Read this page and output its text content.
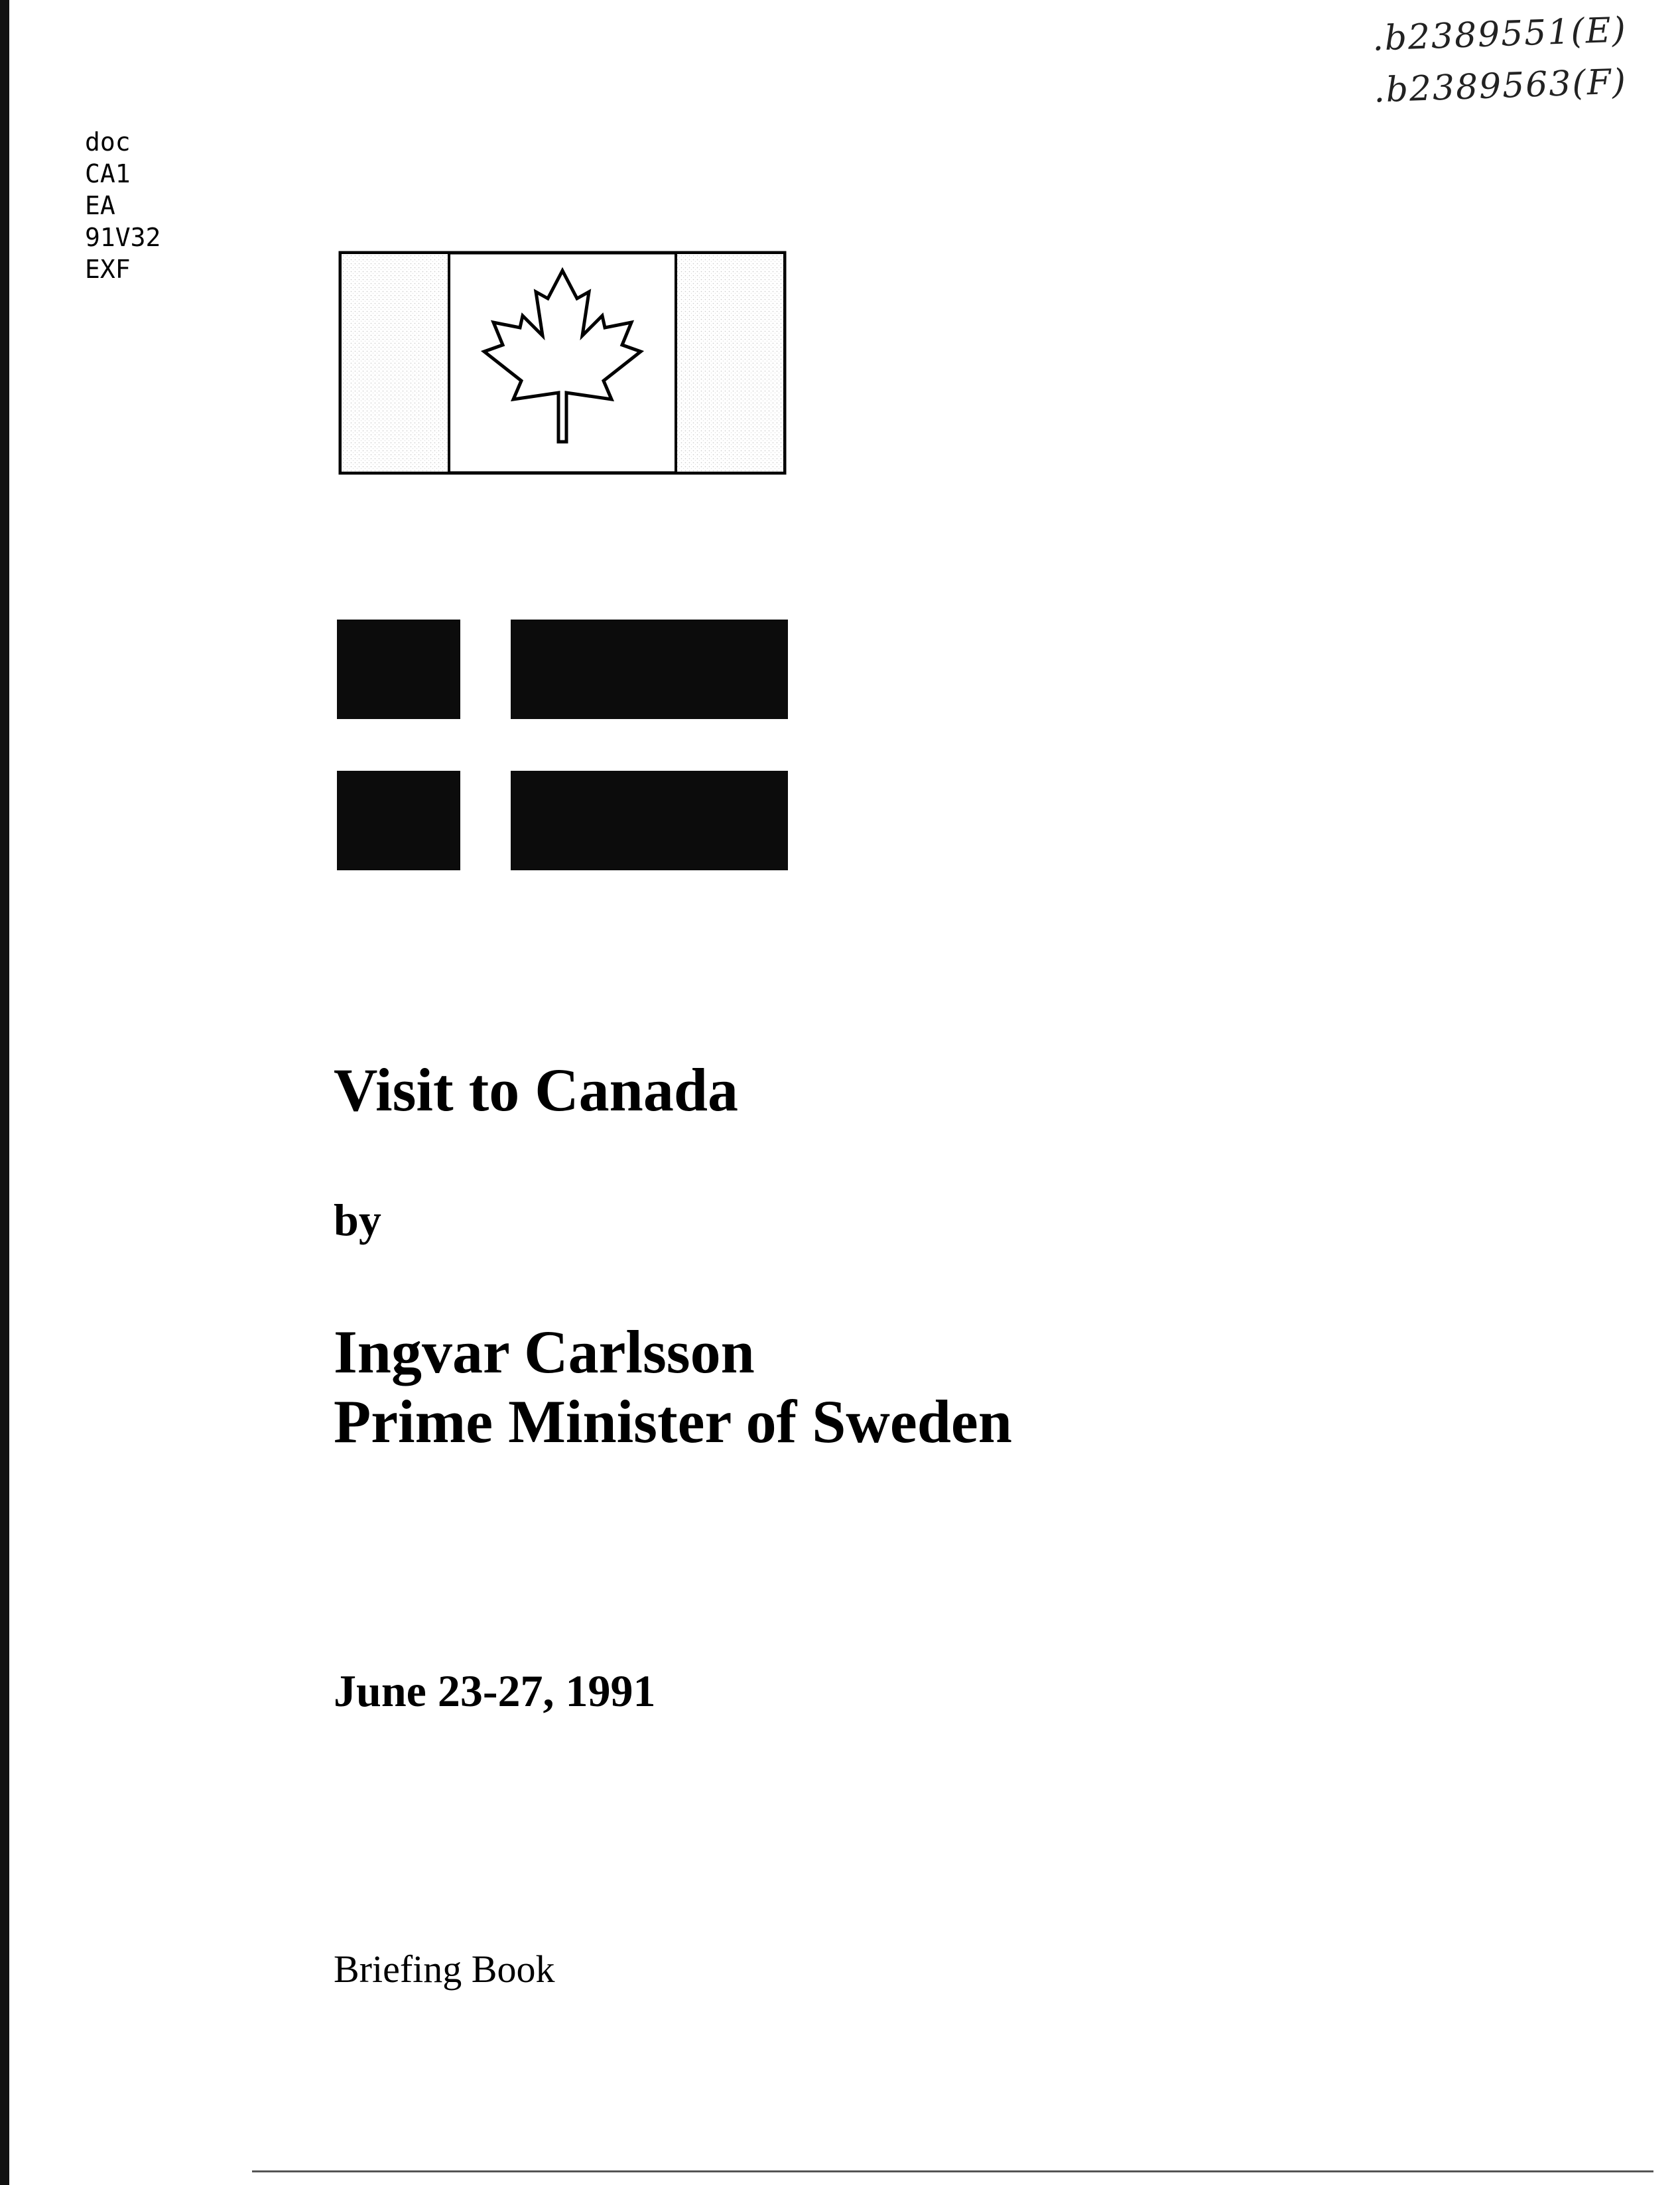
doc
CA1
EA
91V32
EXF
.b2389551(E)
.b2389563(F)
Visit to Canada
by
Ingvar Carlsson
Prime Minister of Sweden
June 23-27, 1991
Briefing Book
